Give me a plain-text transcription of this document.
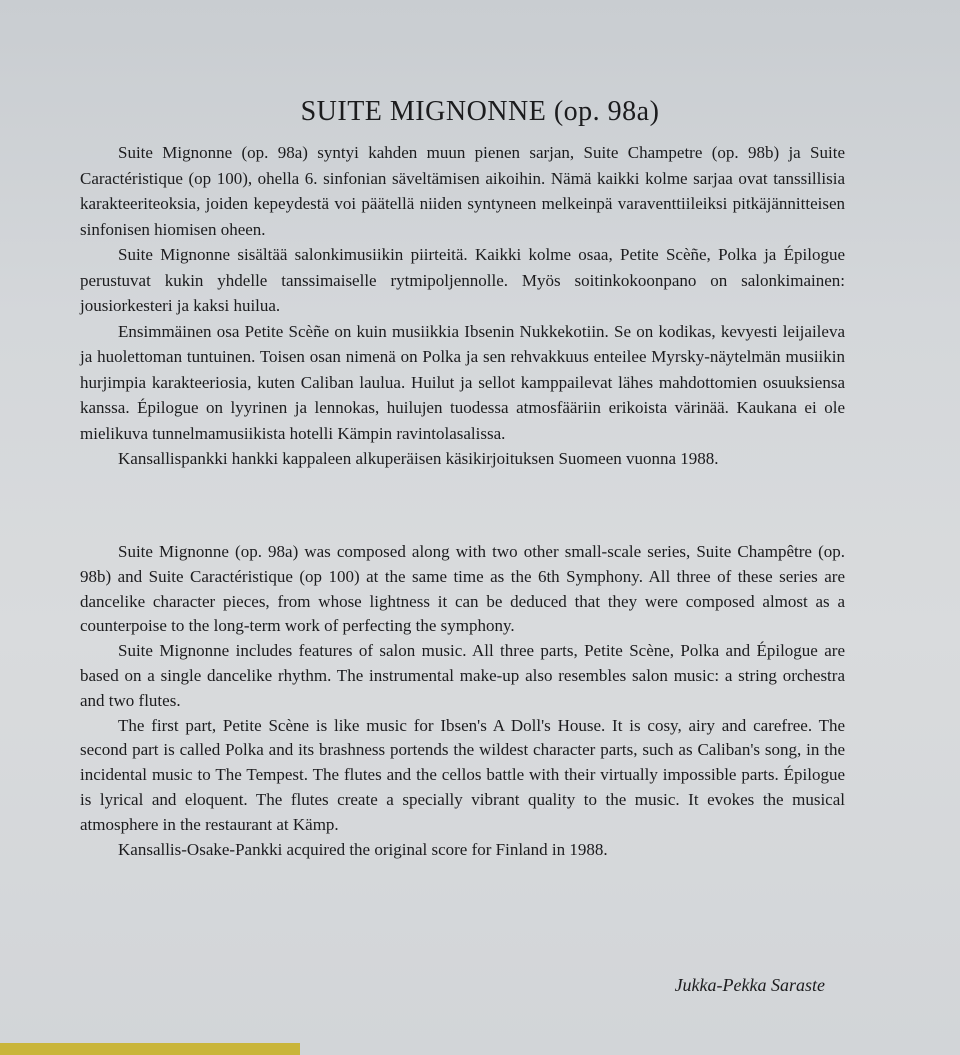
SUITE MIGNONNE (op. 98a)

Suite Mignonne (op. 98a) syntyi kahden muun pienen sarjan, Suite Champetre (op. 98b) ja Suite Caractéristique (op 100), ohella 6. sinfonian säveltämisen aikoihin. Nämä kaikki kolme sarjaa ovat tanssillisia karakteeriteoksia, joiden kepeydestä voi päätellä niiden syntyneen melkeinpä varaventtiileiksi pitkäjännitteisen sinfonisen hiomisen oheen.

Suite Mignonne sisältää salonkimusiikin piirteitä. Kaikki kolme osaa, Petite Scèñe, Polka ja Épilogue perustuvat kukin yhdelle tanssimaiselle rytmipoljennolle. Myös soitinkokoonpano on salonkimainen: jousiorkesteri ja kaksi huilua.

Ensimmäinen osa Petite Scèñe on kuin musiikkia Ibsenin Nukkekotiin. Se on kodikas, kevyesti leijaileva ja huolettoman tuntuinen. Toisen osan nimenä on Polka ja sen rehvakkuus enteilee Myrsky-näytelmän musiikin hurjimpia karakteeriosia, kuten Caliban laulua. Huilut ja sellot kamppailevat lähes mahdottomien osuuksiensa kanssa. Épilogue on lyyrinen ja lennokas, huilujen tuodessa atmosfääriin erikoista värinää. Kaukana ei ole mielikuva tunnelmamusiikista hotelli Kämpin ravintolasalissa.

Kansallispankki hankki kappaleen alkuperäisen käsikirjoituksen Suomeen vuonna 1988.

Suite Mignonne (op. 98a) was composed along with two other small-scale series, Suite Champêtre (op. 98b) and Suite Caractéristique (op 100) at the same time as the 6th Symphony. All three of these series are dancelike character pieces, from whose lightness it can be deduced that they were composed almost as a counterpoise to the long-term work of perfecting the symphony.

Suite Mignonne includes features of salon music. All three parts, Petite Scène, Polka and Épilogue are based on a single dancelike rhythm. The instrumental make-up also resembles salon music: a string orchestra and two flutes.

The first part, Petite Scène is like music for Ibsen's A Doll's House. It is cosy, airy and carefree. The second part is called Polka and its brashness portends the wildest character parts, such as Caliban's song, in the incidental music to The Tempest. The flutes and the cellos battle with their virtually impossible parts. Épilogue is lyrical and eloquent. The flutes create a specially vibrant quality to the music. It evokes the musical atmosphere in the restaurant at Kämp.

Kansallis-Osake-Pankki acquired the original score for Finland in 1988.

Jukka-Pekka Saraste
